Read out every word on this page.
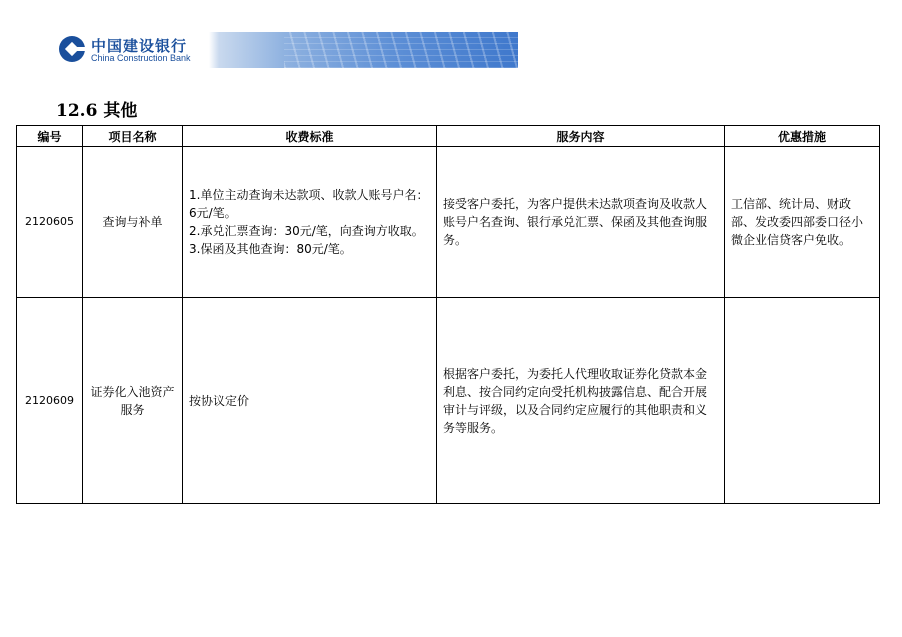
中国建设银行
China Construction Bank
12.6 其他
编号	项目名称	收费标准	服务内容	优惠措施
2120605	查询与补单	1.单位主动查询未达款项、收款人账号户名：6元/笔。
2.承兑汇票查询：30元/笔，向查询方收取。
3.保函及其他查询：80元/笔。	接受客户委托，为客户提供未达款项查询及收款人账号户名查询、银行承兑汇票、保函及其他查询服务。	工信部、统计局、财政部、发改委四部委口径小微企业信贷客户免收。
2120609	证券化入池资产服务	按协议定价	根据客户委托，为委托人代理收取证券化贷款本金利息、按合同约定向受托机构披露信息、配合开展审计与评级，以及合同约定应履行的其他职责和义务等服务。	
